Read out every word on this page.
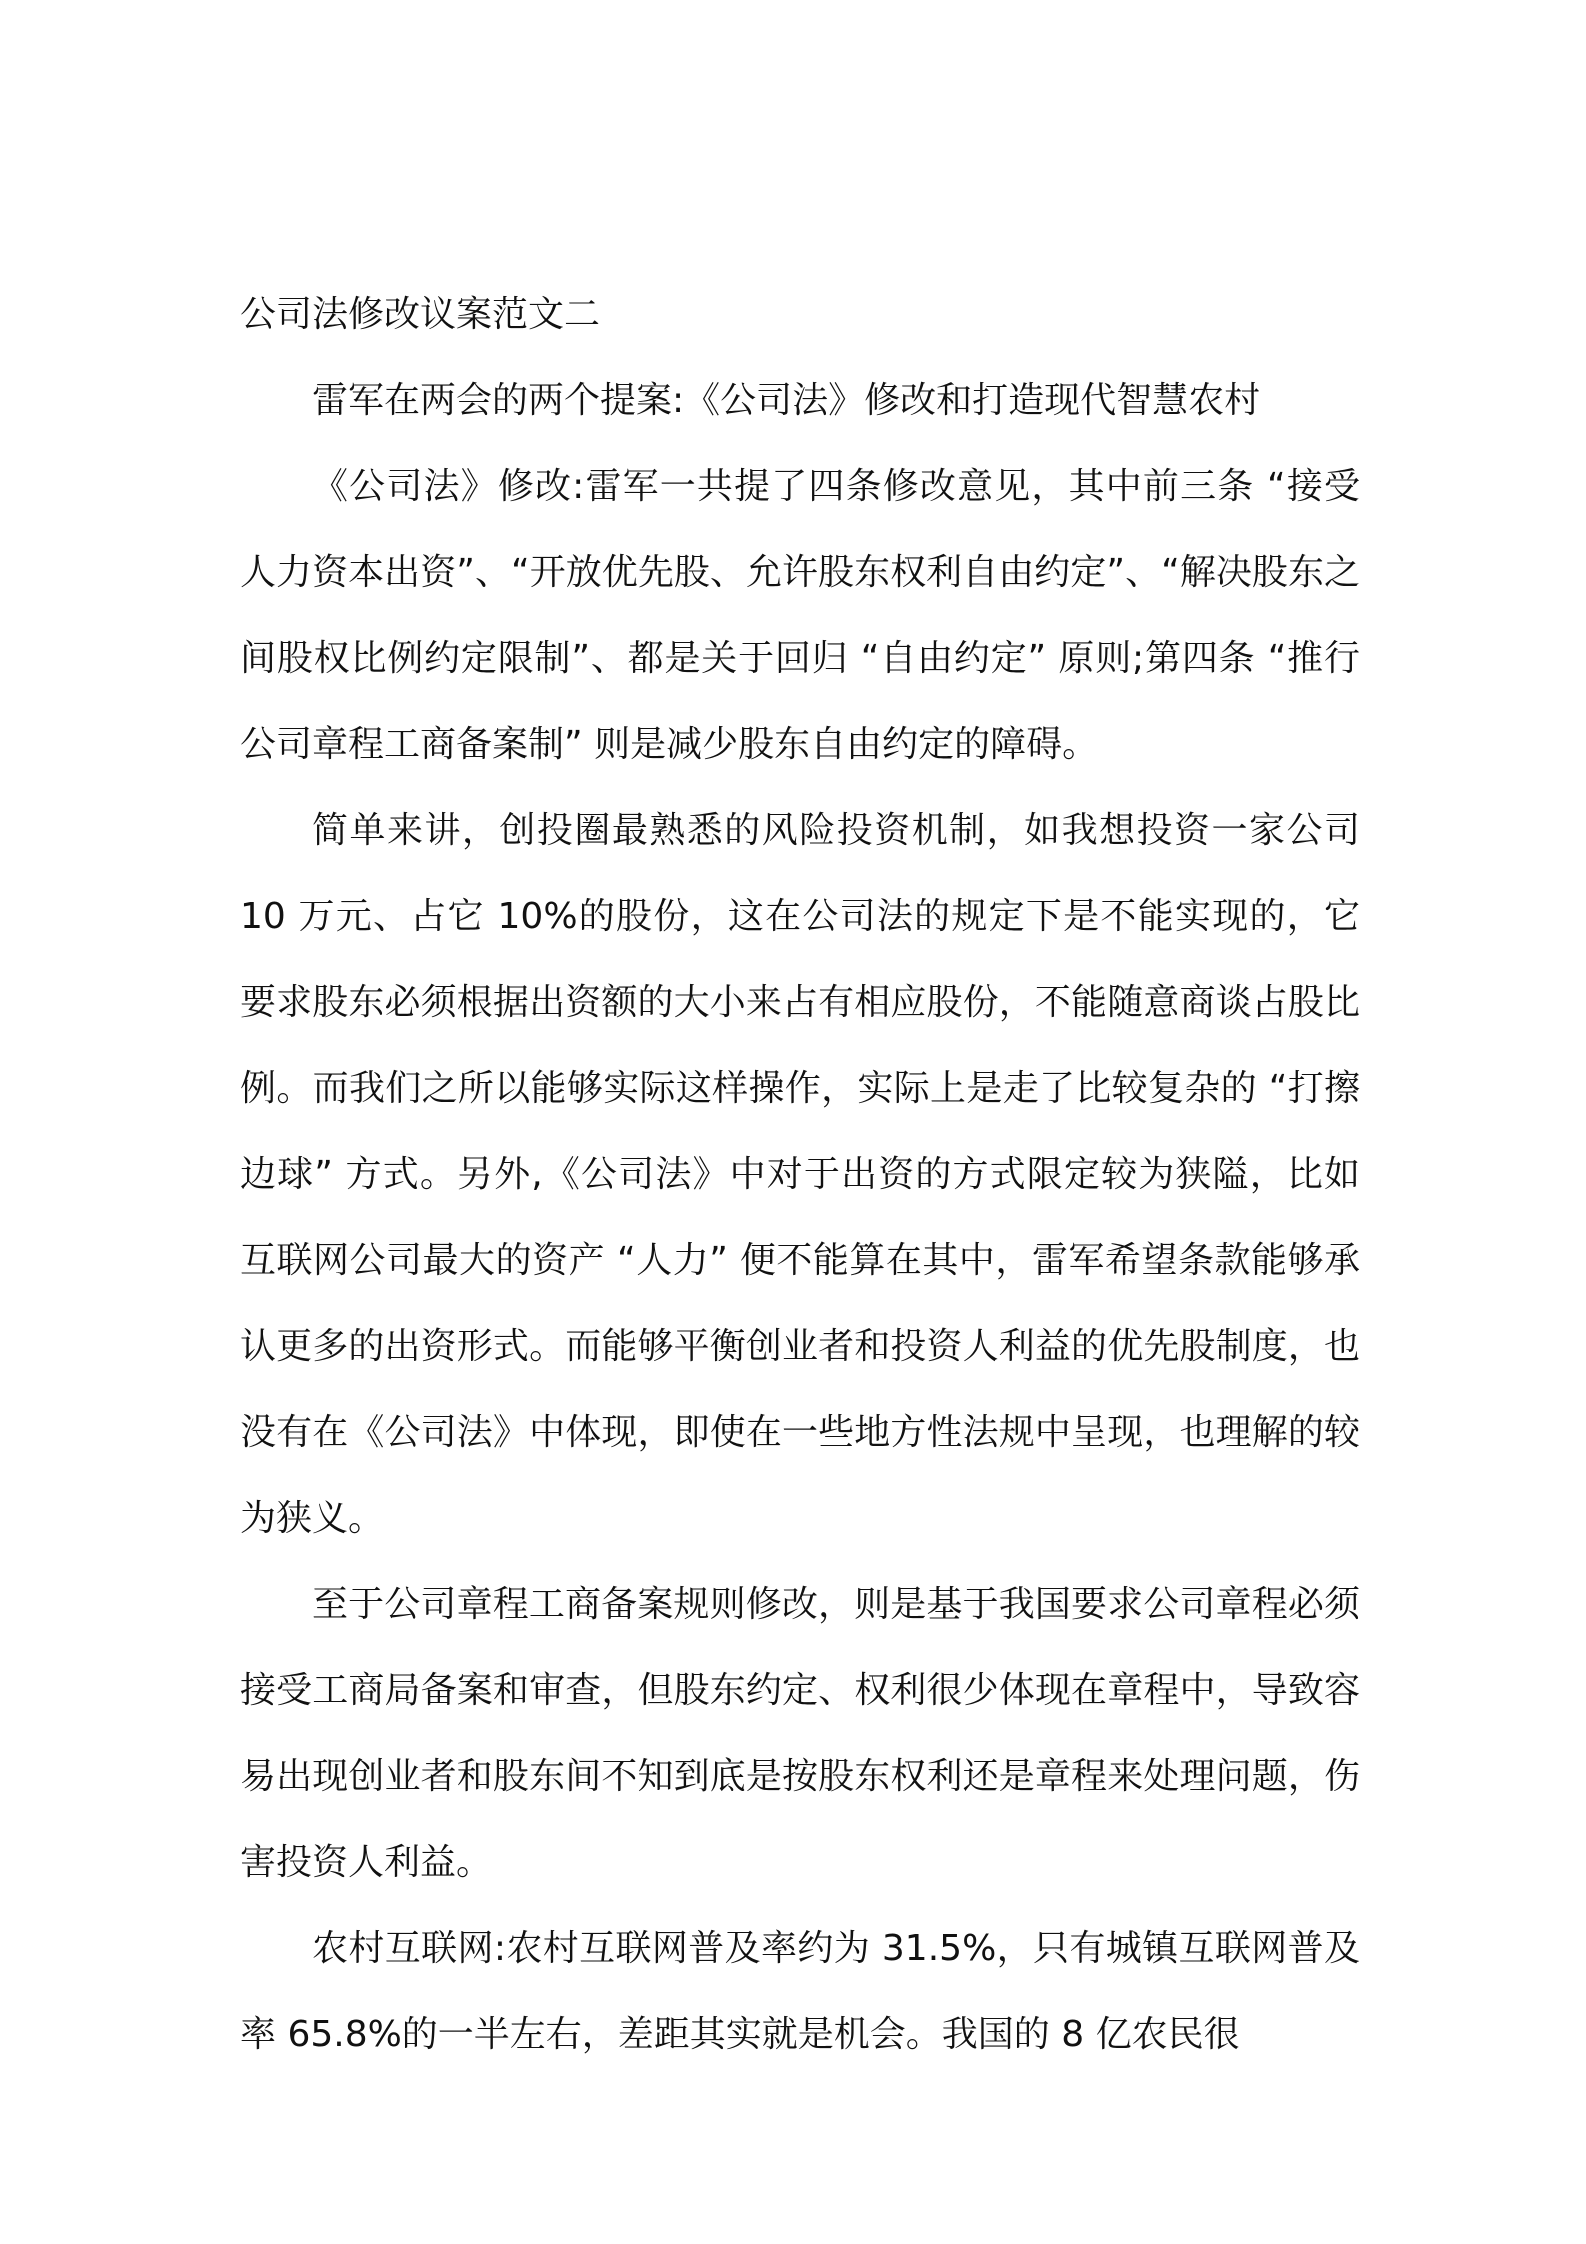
公司法修改议案范文二

雷军在两会的两个提案:《公司法》修改和打造现代智慧农村

《公司法》修改:雷军一共提了四条修改意见，其中前三条 “接受人力资本出资”、“开放优先股、允许股东权利自由约定”、“解决股东之间股权比例约定限制”、都是关于回归 “自由约定” 原则;第四条 “推行公司章程工商备案制” 则是减少股东自由约定的障碍。

简单来讲，创投圈最熟悉的风险投资机制，如我想投资一家公司 10 万元、占它 10%的股份，这在公司法的规定下是不能实现的，它要求股东必须根据出资额的大小来占有相应股份，不能随意商谈占股比例。而我们之所以能够实际这样操作，实际上是走了比较复杂的 “打擦边球” 方式。另外,《公司法》中对于出资的方式限定较为狭隘，比如互联网公司最大的资产 “人力” 便不能算在其中，雷军希望条款能够承认更多的出资形式。而能够平衡创业者和投资人利益的优先股制度，也没有在《公司法》中体现，即使在一些地方性法规中呈现，也理解的较为狭义。

至于公司章程工商备案规则修改，则是基于我国要求公司章程必须接受工商局备案和审查，但股东约定、权利很少体现在章程中，导致容易出现创业者和股东间不知到底是按股东权利还是章程来处理问题，伤害投资人利益。

农村互联网:农村互联网普及率约为 31.5%，只有城镇互联网普及率 65.8%的一半左右，差距其实就是机会。我国的 8 亿农民很
